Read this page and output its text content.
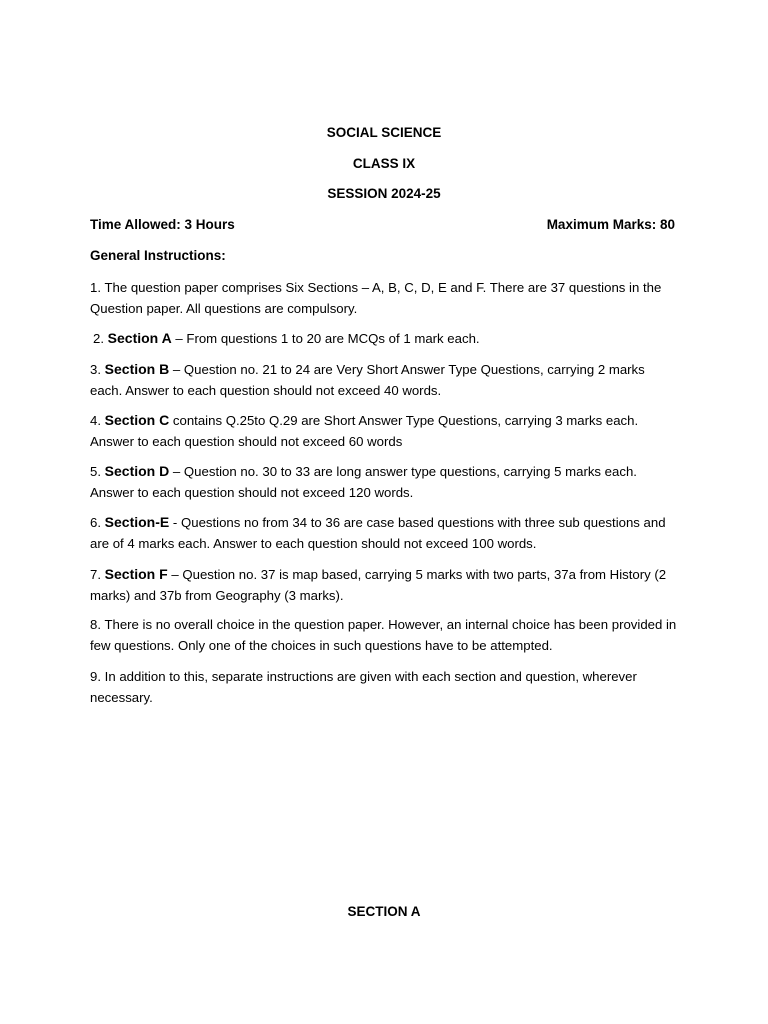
SOCIAL SCIENCE
CLASS IX
SESSION 2024-25
Time Allowed: 3 Hours	Maximum Marks: 80
General Instructions:
1. The question paper comprises Six Sections – A, B, C, D, E and F. There are 37 questions in the Question paper. All questions are compulsory.
2. Section A – From questions 1 to 20 are MCQs of 1 mark each.
3. Section B – Question no. 21 to 24 are Very Short Answer Type Questions, carrying 2 marks each. Answer to each question should not exceed 40 words.
4. Section C contains Q.25to Q.29 are Short Answer Type Questions, carrying 3 marks each. Answer to each question should not exceed 60 words
5. Section D – Question no. 30 to 33 are long answer type questions, carrying 5 marks each. Answer to each question should not exceed 120 words.
6. Section-E - Questions no from 34 to 36 are case based questions with three sub questions and are of 4 marks each. Answer to each question should not exceed 100 words.
7. Section F – Question no. 37 is map based, carrying 5 marks with two parts, 37a from History (2 marks) and 37b from Geography (3 marks).
8. There is no overall choice in the question paper. However, an internal choice has been provided in few questions. Only one of the choices in such questions have to be attempted.
9. In addition to this, separate instructions are given with each section and question, wherever necessary.
SECTION A
